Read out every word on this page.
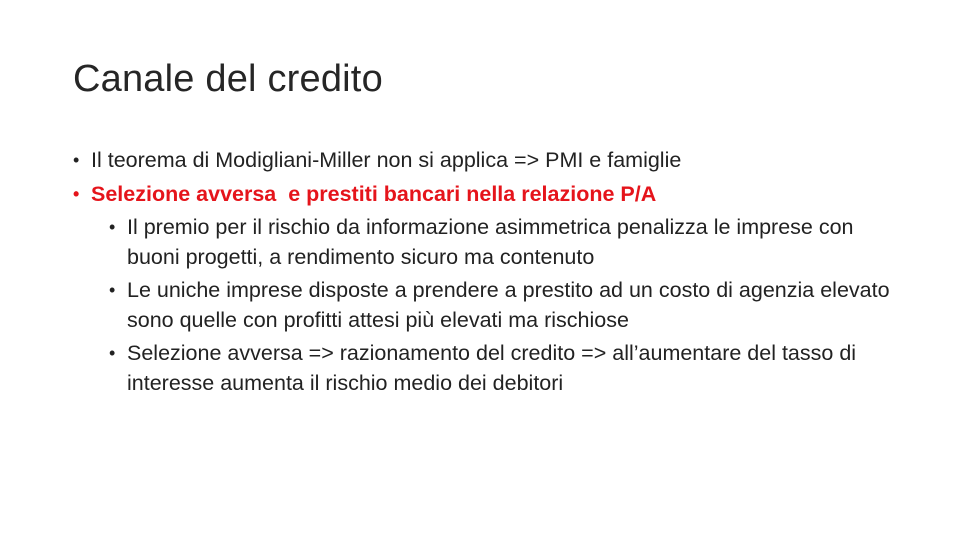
Canale del credito
• Il teorema di Modigliani-Miller non si applica => PMI e famiglie
• Selezione avversa  e prestiti bancari nella relazione P/A
• Il premio per il rischio da informazione asimmetrica penalizza le imprese con buoni progetti, a rendimento sicuro ma contenuto
• Le uniche imprese disposte a prendere a prestito ad un costo di agenzia elevato sono quelle con profitti attesi più elevati ma rischiose
• Selezione avversa => razionamento del credito => all’aumentare del tasso di interesse aumenta il rischio medio dei debitori
